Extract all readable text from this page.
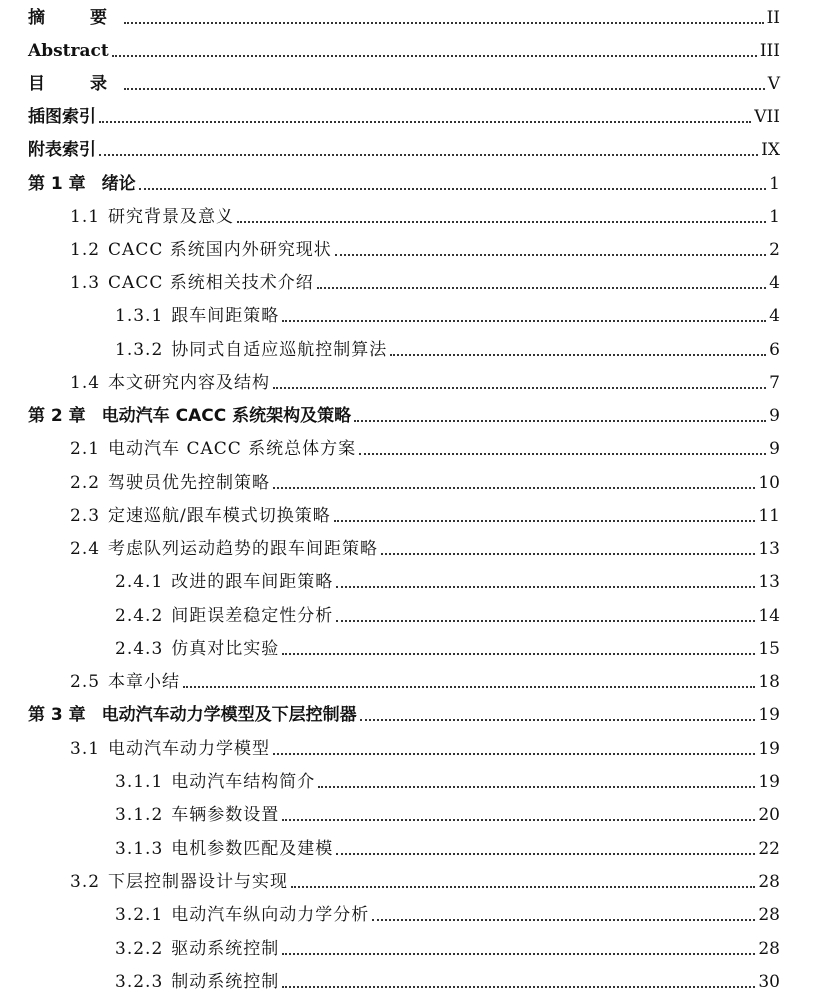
摘　要	II
Abstract	III
目　录	V
插图索引	VII
附表索引	IX
第 1 章 绪论	1
1.1 研究背景及意义	1
1.2 CACC 系统国内外研究现状	2
1.3 CACC 系统相关技术介绍	4
1.3.1 跟车间距策略	4
1.3.2 协同式自适应巡航控制算法	6
1.4 本文研究内容及结构	7
第 2 章 电动汽车 CACC 系统架构及策略	9
2.1 电动汽车 CACC 系统总体方案	9
2.2 驾驶员优先控制策略	10
2.3 定速巡航/跟车模式切换策略	11
2.4 考虑队列运动趋势的跟车间距策略	13
2.4.1 改进的跟车间距策略	13
2.4.2 间距误差稳定性分析	14
2.4.3 仿真对比实验	15
2.5 本章小结	18
第 3 章 电动汽车动力学模型及下层控制器	19
3.1 电动汽车动力学模型	19
3.1.1 电动汽车结构简介	19
3.1.2 车辆参数设置	20
3.1.3 电机参数匹配及建模	22
3.2 下层控制器设计与实现	28
3.2.1 电动汽车纵向动力学分析	28
3.2.2 驱动系统控制	28
3.2.3 制动系统控制	30
